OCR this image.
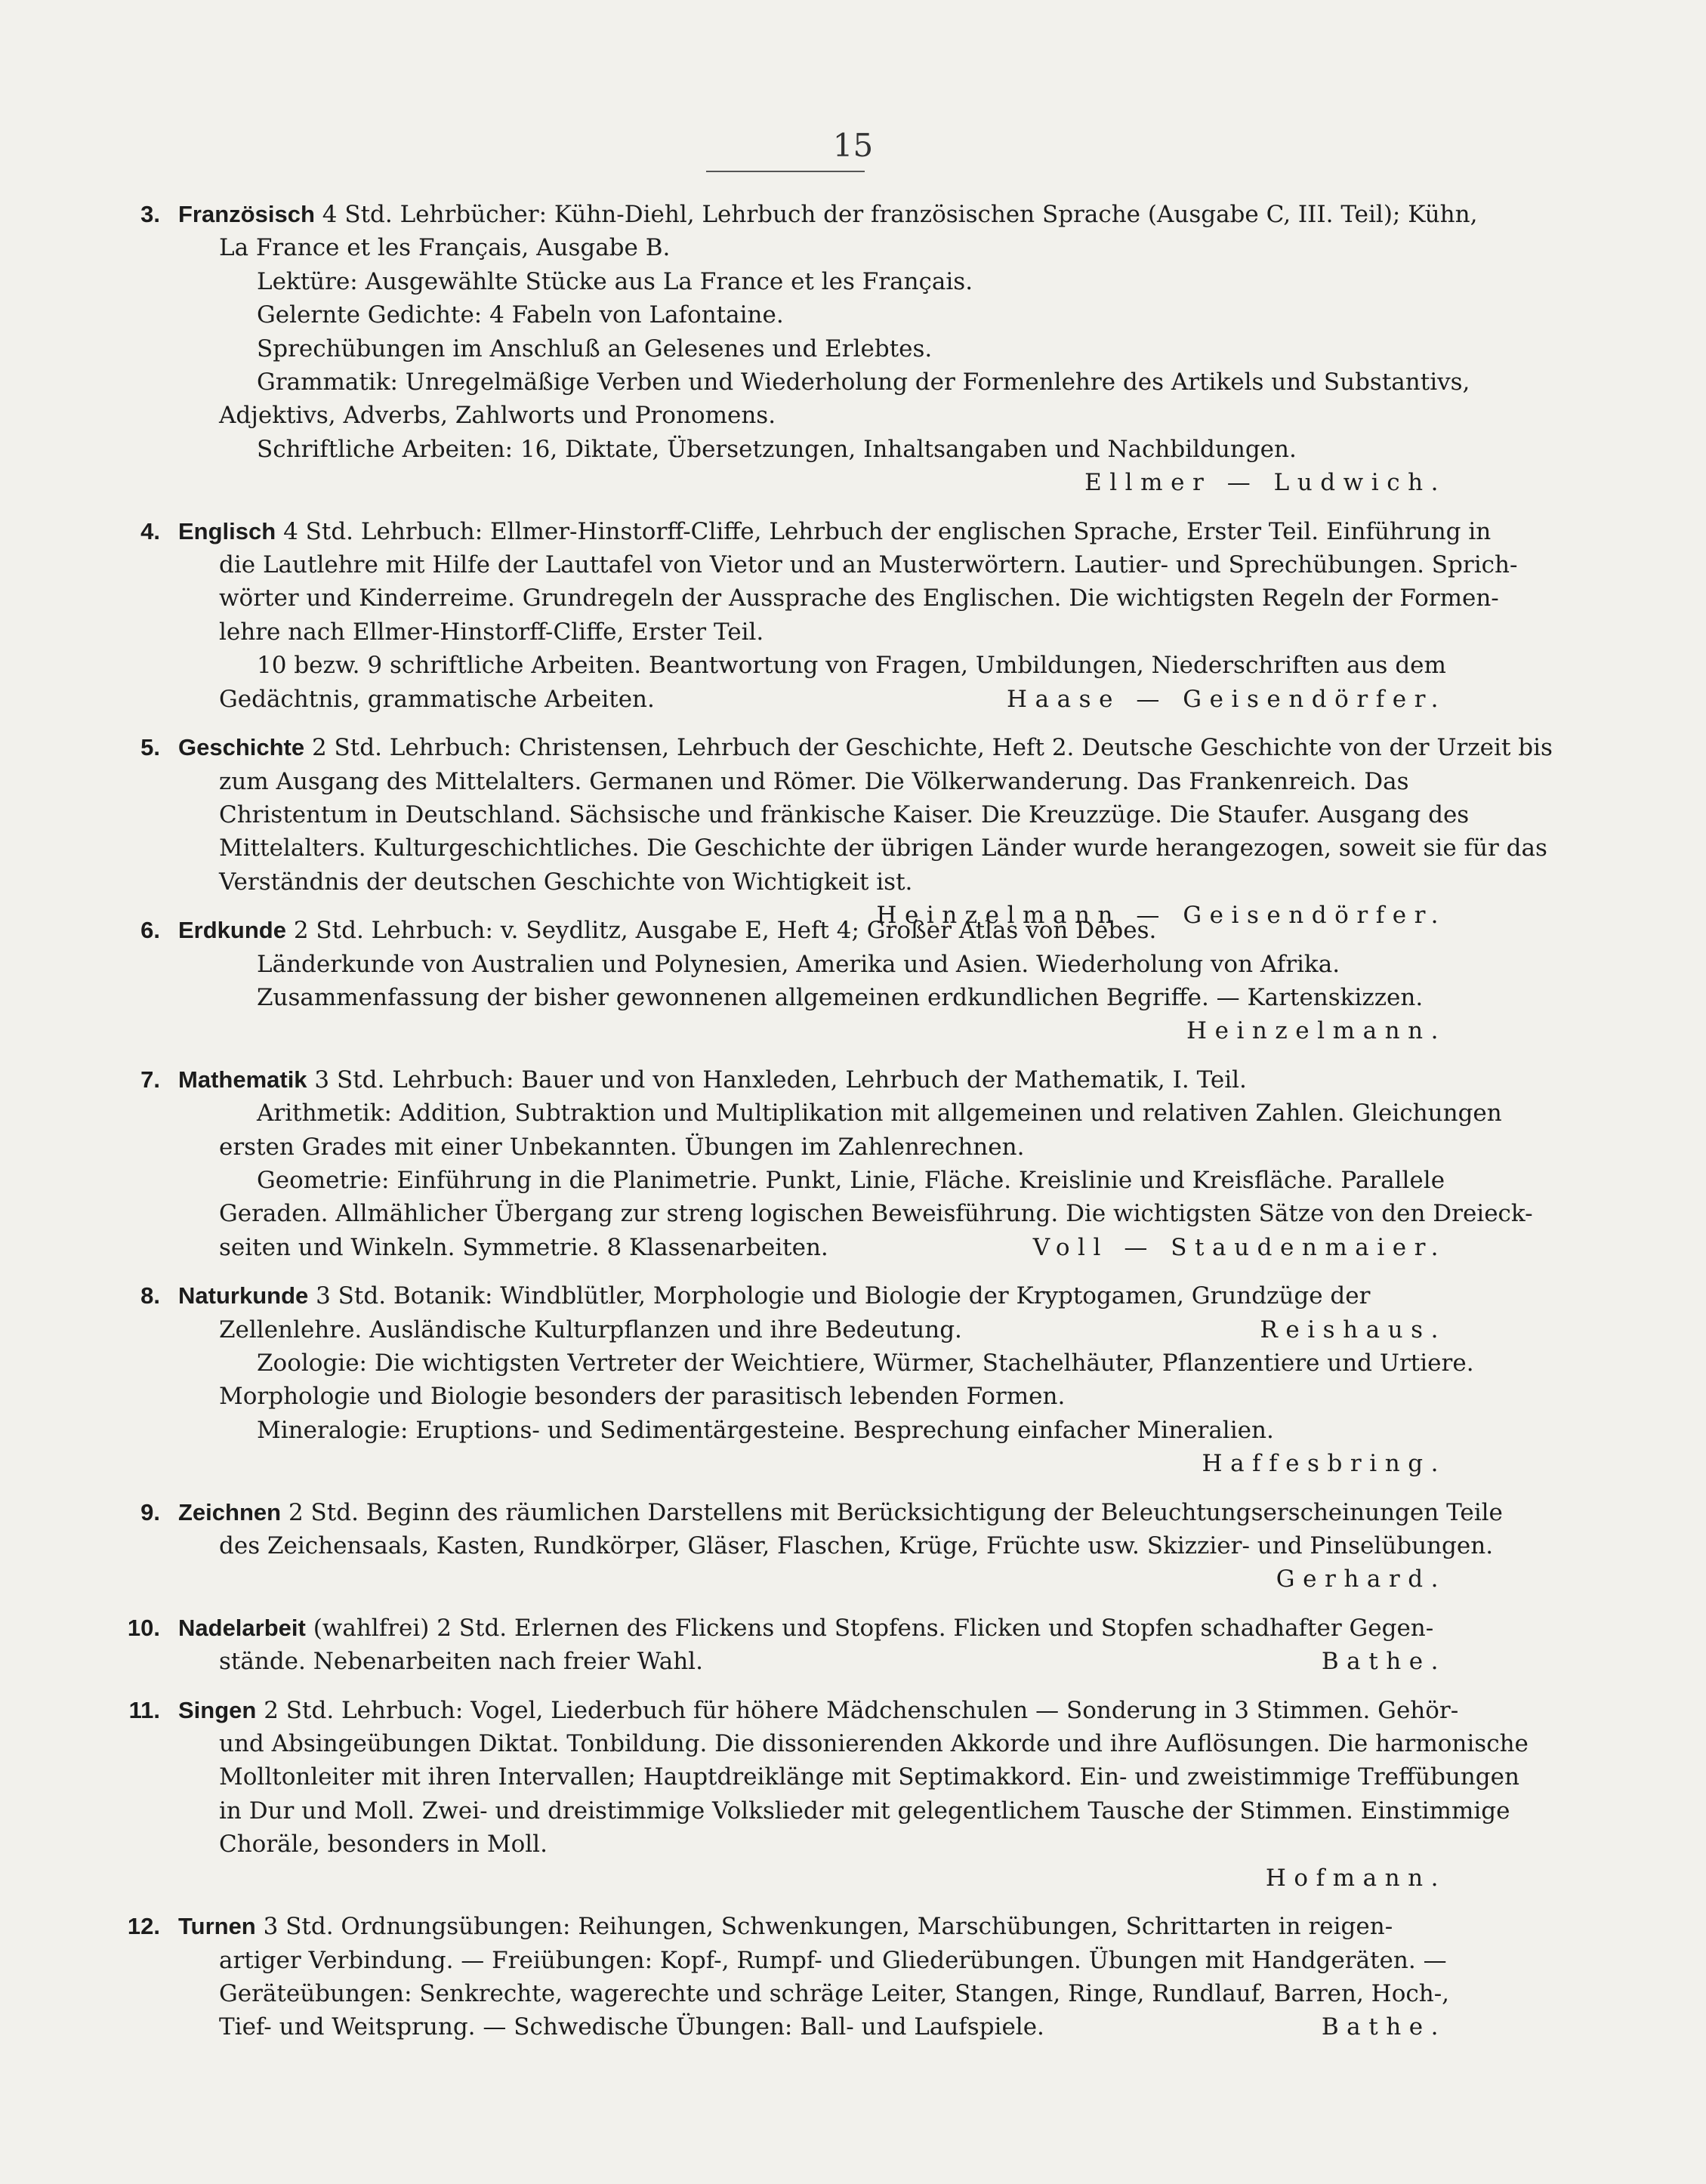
15
3. Französisch 4 Std. Lehrbücher: Kühn-Diehl, Lehrbuch der französischen Sprache (Ausgabe C, III. Teil); Kühn,
La France et les Français, Ausgabe B.
Lektüre: Ausgewählte Stücke aus La France et les Français.
Gelernte Gedichte: 4 Fabeln von Lafontaine.
Sprechübungen im Anschluß an Gelesenes und Erlebtes.
Grammatik: Unregelmäßige Verben und Wiederholung der Formenlehre des Artikels und Substantivs,
Adjektivs, Adverbs, Zahlworts und Pronomens.
Schriftliche Arbeiten: 16, Diktate, Übersetzungen, Inhaltsangaben und Nachbildungen.
Ellmer — Ludwich.
4. Englisch 4 Std. Lehrbuch: Ellmer-Hinstorff-Cliffe, Lehrbuch der englischen Sprache, Erster Teil. Einführung in
die Lautlehre mit Hilfe der Lauttafel von Vietor und an Musterwörtern. Lautier- und Sprechübungen. Sprich-
wörter und Kinderreime. Grundregeln der Aussprache des Englischen. Die wichtigsten Regeln der Formen-
lehre nach Ellmer-Hinstorff-Cliffe, Erster Teil.
10 bezw. 9 schriftliche Arbeiten. Beantwortung von Fragen, Umbildungen, Niederschriften aus dem
Gedächtnis, grammatische Arbeiten.	Haase — Geisendörfer.
5. Geschichte 2 Std. Lehrbuch: Christensen, Lehrbuch der Geschichte, Heft 2. Deutsche Geschichte von der Urzeit bis
zum Ausgang des Mittelalters. Germanen und Römer. Die Völkerwanderung. Das Frankenreich. Das
Christentum in Deutschland. Sächsische und fränkische Kaiser. Die Kreuzzüge. Die Staufer. Ausgang des
Mittelalters. Kulturgeschichtliches. Die Geschichte der übrigen Länder wurde herangezogen, soweit sie für das
Verständnis der deutschen Geschichte von Wichtigkeit ist.
Heinzelmann — Geisendörfer.
6. Erdkunde 2 Std. Lehrbuch: v. Seydlitz, Ausgabe E, Heft 4; Großer Atlas von Debes.
Länderkunde von Australien und Polynesien, Amerika und Asien. Wiederholung von Afrika.
Zusammenfassung der bisher gewonnenen allgemeinen erdkundlichen Begriffe. — Kartenskizzen.
Heinzelmann.
7. Mathematik 3 Std. Lehrbuch: Bauer und von Hanxleden, Lehrbuch der Mathematik, I. Teil.
Arithmetik: Addition, Subtraktion und Multiplikation mit allgemeinen und relativen Zahlen. Gleichungen
ersten Grades mit einer Unbekannten. Übungen im Zahlenrechnen.
Geometrie: Einführung in die Planimetrie. Punkt, Linie, Fläche. Kreislinie und Kreisfläche. Parallele
Geraden. Allmählicher Übergang zur streng logischen Beweisführung. Die wichtigsten Sätze von den Dreieck-
seiten und Winkeln. Symmetrie. 8 Klassenarbeiten.	Voll — Staudenmaier.
8. Naturkunde 3 Std. Botanik: Windblütler, Morphologie und Biologie der Kryptogamen, Grundzüge der
Zellenlehre. Ausländische Kulturpflanzen und ihre Bedeutung.	Reishaus.
Zoologie: Die wichtigsten Vertreter der Weichtiere, Würmer, Stachelhäuter, Pflanzentiere und Urtiere.
Morphologie und Biologie besonders der parasitisch lebenden Formen.
Mineralogie: Eruptions- und Sedimentärgesteine. Besprechung einfacher Mineralien.
Haffesbring.
9. Zeichnen 2 Std. Beginn des räumlichen Darstellens mit Berücksichtigung der Beleuchtungserscheinungen Teile
des Zeichensaals, Kasten, Rundkörper, Gläser, Flaschen, Krüge, Früchte usw. Skizzier- und Pinselübungen.
Gerhard.
10. Nadelarbeit (wahlfrei) 2 Std. Erlernen des Flickens und Stopfens. Flicken und Stopfen schadhafter Gegen-
stände. Nebenarbeiten nach freier Wahl.	Bathe.
11. Singen 2 Std. Lehrbuch: Vogel, Liederbuch für höhere Mädchenschulen — Sonderung in 3 Stimmen. Gehör-
und Absingeübungen Diktat. Tonbildung. Die dissonierenden Akkorde und ihre Auflösungen. Die harmonische
Molltonleiter mit ihren Intervallen; Hauptdreiklänge mit Septimakkord. Ein- und zweistimmige Treffübungen
in Dur und Moll. Zwei- und dreistimmige Volkslieder mit gelegentlichem Tausche der Stimmen. Einstimmige
Choräle, besonders in Moll.
Hofmann.
12. Turnen 3 Std. Ordnungsübungen: Reihungen, Schwenkungen, Marschübungen, Schrittarten in reigen-
artiger Verbindung. — Freiübungen: Kopf-, Rumpf- und Gliederübungen. Übungen mit Handgeräten. —
Geräteübungen: Senkrechte, wagerechte und schräge Leiter, Stangen, Ringe, Rundlauf, Barren, Hoch-,
Tief- und Weitsprung. — Schwedische Übungen: Ball- und Laufspiele.	Bathe.
